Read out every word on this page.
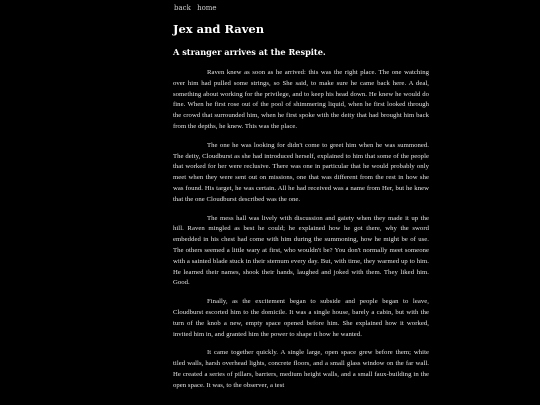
back home
Jex and Raven
A stranger arrives at the Respite.

Raven knew as soon as he arrived: this was the right place. The one watching over him had pulled some strings, so She said, to make sure he came back here. A deal, something about working for the privilege, and to keep his head down. He knew he would do fine. When he first rose out of the pool of shimmering liquid, when he first looked through the crowd that surrounded him, when he first spoke with the deity that had brought him back from the depths, he knew. This was the place.

The one he was looking for didn't come to greet him when he was summoned. The deity, Cloudburst as she had introduced herself, explained to him that some of the people that worked for her were reclusive. There was one in particular that he would probably only meet when they were sent out on missions, one that was different from the rest in how she was found. His target, he was certain. All he had received was a name from Her, but he knew that the one Cloudburst described was the one.

The mess hall was lively with discussion and gaiety when they made it up the hill. Raven mingled as best he could; he explained how he got there, why the sword embedded in his chest had come with him during the summoning, how he might be of use. The others seemed a little wary at first, who wouldn't be? You don't normally meet someone with a sainted blade stuck in their sternum every day. But, with time, they warmed up to him. He learned their names, shook their hands, laughed and joked with them. They liked him. Good.

Finally, as the excitement began to subside and people began to leave, Cloudburst escorted him to the domicile. It was a single house, barely a cabin, but with the turn of the knob a new, empty space opened before him. She explained how it worked, invited him in, and granted him the power to shape it how he wanted.

It came together quickly. A single large, open space grew before them; white tiled walls, harsh overhead lights, concrete floors, and a small glass window on the far wall. He created a series of pillars, barriers, medium height walls, and a small faux-building in the open space. It was, to the observer, a test
